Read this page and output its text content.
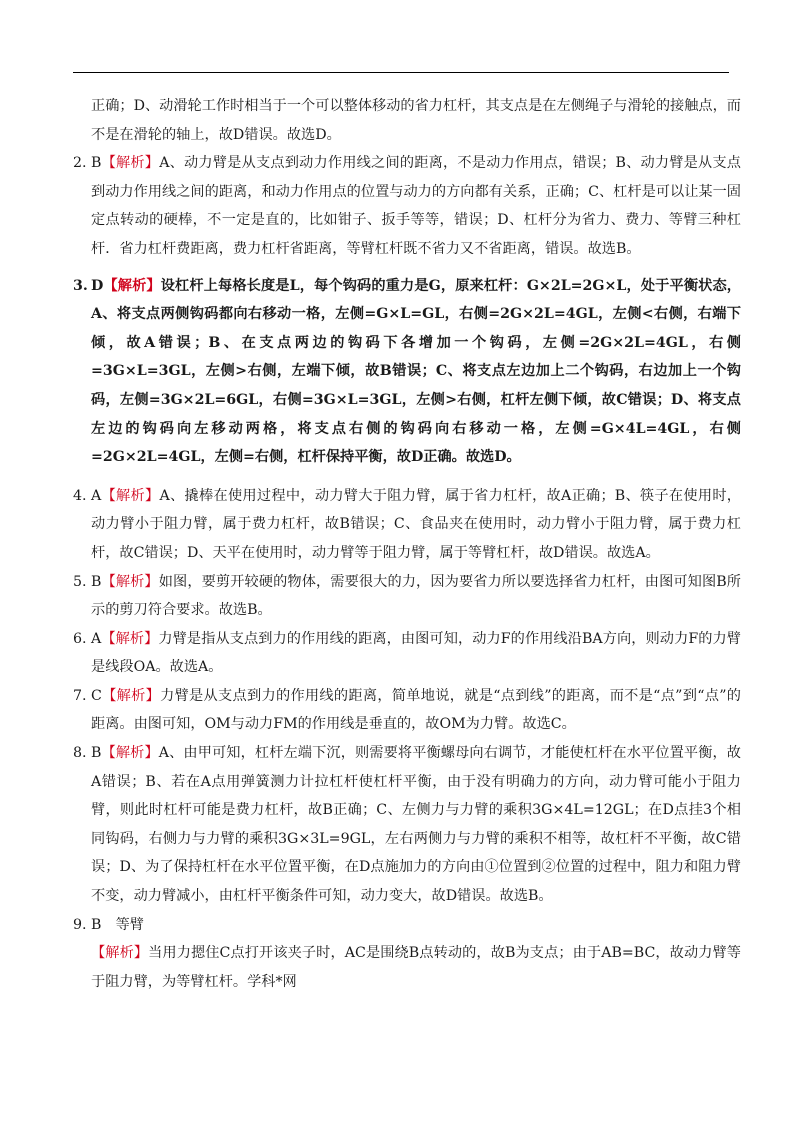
正确；D、动滑轮工作时相当于一个可以整体移动的省力杠杆，其支点是在左侧绳子与滑轮的接触点，而不是在滑轮的轴上，故D错误。故选D。

2. B【解析】A、动力臂是从支点到动力作用线之间的距离，不是动力作用点，错误；B、动力臂是从支点到动力作用线之间的距离，和动力作用点的位置与动力的方向都有关系，正确；C、杠杆是可以让某一固定点转动的硬棒，不一定是直的，比如钳子、扳手等等，错误；D、杠杆分为省力、费力、等臂三种杠杆．省力杠杆费距离，费力杠杆省距离，等臂杠杆既不省力又不省距离，错误。故选B。

3. D【解析】设杠杆上每格长度是L，每个钩码的重力是G，原来杠杆：G×2L=2G×L，处于平衡状态，A、将支点两侧钩码都向右移动一格，左侧=G×L=GL，右侧=2G×2L=4GL，左侧<右侧，右端下倾，故A错误；B、在支点两边的钩码下各增加一个钩码，左侧=2G×2L=4GL，右侧=3G×L=3GL，左侧>右侧，左端下倾，故B错误；C、将支点左边加上二个钩码，右边加上一个钩码，左侧=3G×2L=6GL，右侧=3G×L=3GL，左侧>右侧，杠杆左侧下倾，故C错误；D、将支点左边的钩码向左移动两格，将支点右侧的钩码向右移动一格，左侧=G×4L=4GL，右侧=2G×2L=4GL，左侧=右侧，杠杆保持平衡，故D正确。故选D。

4. A【解析】A、撬棒在使用过程中，动力臂大于阻力臂，属于省力杠杆，故A正确；B、筷子在使用时，动力臂小于阻力臂，属于费力杠杆，故B错误；C、食品夹在使用时，动力臂小于阻力臂，属于费力杠杆，故C错误；D、天平在使用时，动力臂等于阻力臂，属于等臂杠杆，故D错误。故选A。

5. B【解析】如图，要剪开较硬的物体，需要很大的力，因为要省力所以要选择省力杠杆，由图可知图B所示的剪刀符合要求。故选B。

6. A【解析】力臂是指从支点到力的作用线的距离，由图可知，动力F的作用线沿BA方向，则动力F的力臂是线段OA。故选A。

7. C【解析】力臂是从支点到力的作用线的距离，简单地说，就是“点到线”的距离，而不是“点”到“点”的距离。由图可知，OM与动力FM的作用线是垂直的，故OM为力臂。故选C。

8. B【解析】A、由甲可知，杠杆左端下沉，则需要将平衡螺母向右调节，才能使杠杆在水平位置平衡，故A错误；B、若在A点用弹簧测力计拉杠杆使杠杆平衡，由于没有明确力的方向，动力臂可能小于阻力臂，则此时杠杆可能是费力杠杆，故B正确；C、左侧力与力臂的乘积3G×4L=12GL；在D点挂3个相同钩码，右侧力与力臂的乘积3G×3L=9GL，左右两侧力与力臂的乘积不相等，故杠杆不平衡，故C错误；D、为了保持杠杆在水平位置平衡，在D点施加力的方向由①位置到②位置的过程中，阻力和阻力臂不变，动力臂减小，由杠杆平衡条件可知，动力变大，故D错误。故选B。

9. B　等臂

【解析】当用力摁住C点打开该夹子时，AC是围绕B点转动的，故B为支点；由于AB=BC，故动力臂等于阻力臂，为等臂杠杆。学科*网
